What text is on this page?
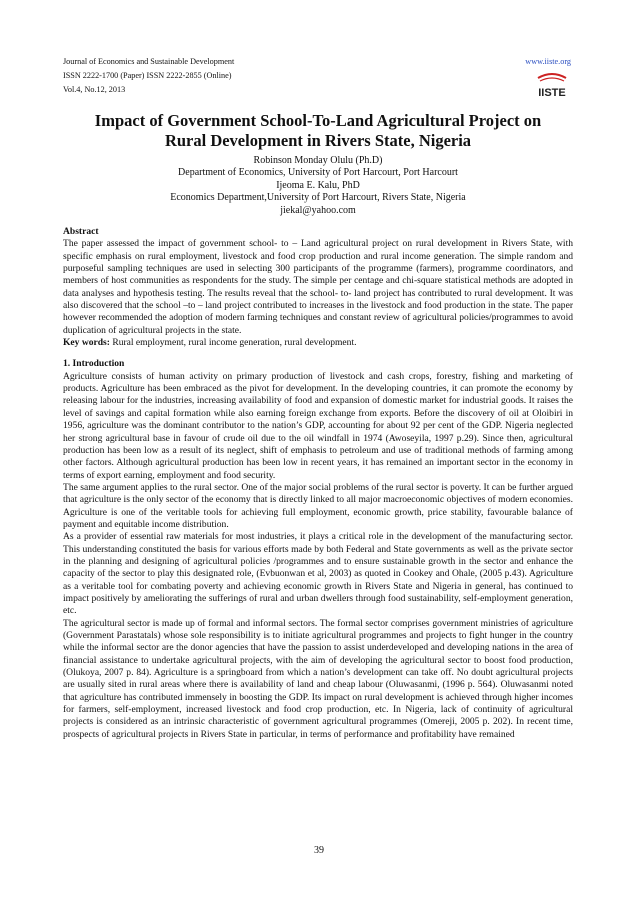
Journal of Economics and Sustainable Development
ISSN 2222-1700 (Paper) ISSN 2222-2855 (Online)
Vol.4, No.12, 2013
www.iiste.org
IISTE
Impact of Government School-To-Land Agricultural Project on
Rural Development in Rivers State, Nigeria
Robinson Monday Olulu (Ph.D)
Department of Economics, University of Port Harcourt, Port Harcourt
Ijeoma E. Kalu, PhD
Economics Department,University of Port Harcourt, Rivers State, Nigeria
jiekal@yahoo.com

Abstract

The paper assessed the impact of government school- to – Land agricultural project on rural development in Rivers State, with specific emphasis on rural employment, livestock and food crop production and rural income generation. The simple random and purposeful sampling techniques are used in selecting 300 participants of the programme (farmers), programme coordinators, and members of host communities as respondents for the study. The simple per centage and chi-square statistical methods are adopted in data analyses and hypothesis testing. The results reveal that the school- to- land project has contributed to rural development. It was also discovered that the school –to – land project contributed to increases in the livestock and food production in the state. The paper however recommended the adoption of modern farming techniques and constant review of agricultural policies/programmes to avoid duplication of agricultural projects in the state.

Key words: Rural employment, rural income generation, rural development.

1. Introduction

Agriculture consists of human activity on primary production of livestock and cash crops, forestry, fishing and marketing of products. Agriculture has been embraced as the pivot for development. In the developing countries, it can promote the economy by releasing labour for the industries, increasing availability of food and expansion of domestic market for industrial goods. It raises the level of savings and capital formation while also earning foreign exchange from exports. Before the discovery of oil at Oloibiri in 1956, agriculture was the dominant contributor to the nation’s GDP, accounting for about 92 per cent of the GDP. Nigeria neglected her strong agricultural base in favour of crude oil due to the oil windfall in 1974 (Awoseyila, 1997 p.29). Since then, agricultural production has been low as a result of its neglect, shift of emphasis to petroleum and use of traditional methods of farming among other factors. Although agricultural production has been low in recent years, it has remained an important sector in the economy in terms of export earning, employment and food security.

The same argument applies to the rural sector. One of the major social problems of the rural sector is poverty. It can be further argued that agriculture is the only sector of the economy that is directly linked to all major macroeconomic objectives of modern economies. Agriculture is one of the veritable tools for achieving full employment, economic growth, price stability, favourable balance of payment and equitable income distribution.

As a provider of essential raw materials for most industries, it plays a critical role in the development of the manufacturing sector. This understanding constituted the basis for various efforts made by both Federal and State governments as well as the private sector in the planning and designing of agricultural policies /programmes and to ensure sustainable growth in the sector and enhance the capacity of the sector to play this designated role, (Evbuonwan et al, 2003) as quoted in Cookey and Ohale, (2005 p.43). Agriculture as a veritable tool for combating poverty and achieving economic growth in Rivers State and Nigeria in general, has continued to impact positively by ameliorating the sufferings of rural and urban dwellers through food sustainability, self-employment generation, etc.

The agricultural sector is made up of formal and informal sectors. The formal sector comprises government ministries of agriculture (Government Parastatals) whose sole responsibility is to initiate agricultural programmes and projects to fight hunger in the country while the informal sector are the donor agencies that have the passion to assist underdeveloped and developing nations in the area of financial assistance to undertake agricultural projects, with the aim of developing the agricultural sector to boost food production, (Olukoya, 2007 p. 84). Agriculture is a springboard from which a nation’s development can take off. No doubt agricultural projects are usually sited in rural areas where there is availability of land and cheap labour (Oluwasanmi, (1996 p. 564). Oluwasanmi noted that agriculture has contributed immensely in boosting the GDP. Its impact on rural development is achieved through higher incomes for farmers, self-employment, increased livestock and food crop production, etc. In Nigeria, lack of continuity of agricultural projects is considered as an intrinsic characteristic of government agricultural programmes (Omereji, 2005 p. 202). In recent time, prospects of agricultural projects in Rivers State in particular, in terms of performance and profitability have remained

39
